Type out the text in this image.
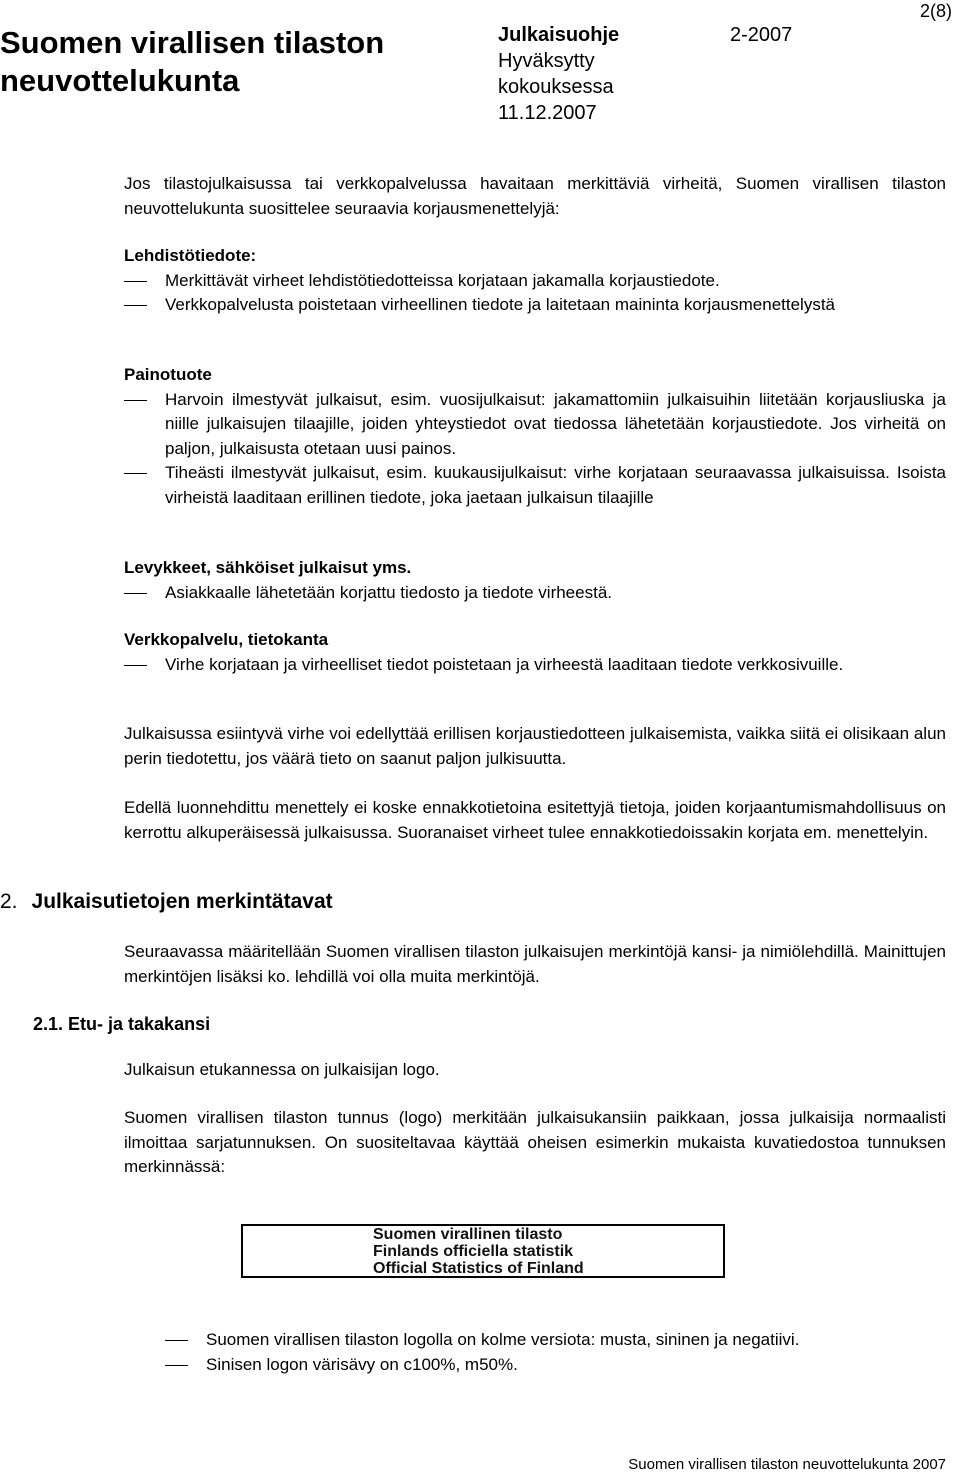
Suomen virallisen tilaston neuvottelukunta
Julkaisuohje
Hyväksytty kokouksessa 11.12.2007
2-2007
2(8)
Jos tilastojulkaisussa tai verkkopalvelussa havaitaan merkittäviä virheitä, Suomen virallisen tilaston neuvottelukunta suosittelee seuraavia korjausmenettelyjä:
Lehdistötiedote:
Merkittävät virheet lehdistötiedotteissa korjataan jakamalla korjaustiedote.
Verkkopalvelusta poistetaan virheellinen tiedote ja laitetaan maininta korjausmenettelystä
Painotuote
Harvoin ilmestyvät julkaisut, esim. vuosijulkaisut: jakamattomiin julkaisuihin liitetään korjausliuska ja niille julkaisujen tilaajille, joiden yhteystiedot ovat tiedossa lähetetään korjaustiedote. Jos virheitä on paljon, julkaisusta otetaan uusi painos.
Tiheästi ilmestyvät julkaisut, esim. kuukausijulkaisut: virhe korjataan seuraavassa julkaisuissa. Isoista virheistä laaditaan erillinen tiedote, joka jaetaan julkaisun tilaajille
Levykkeet, sähköiset julkaisut yms.
Asiakkaalle lähetetään korjattu tiedosto ja tiedote virheestä.
Verkkopalvelu, tietokanta
Virhe korjataan ja virheelliset tiedot poistetaan ja virheestä laaditaan tiedote verkkosivuille.
Julkaisussa esiintyvä virhe voi edellyttää erillisen korjaustiedotteen julkaisemista, vaikka siitä ei olisikaan alun perin tiedotettu, jos väärä tieto on saanut paljon julkisuutta.
Edellä luonnehdittu menettely ei koske ennakkotietoina esitettyjä tietoja, joiden korjaantumismahdollisuus on kerrottu alkuperäisessä julkaisussa. Suoranaiset virheet tulee ennakkotiedoissakin korjata em. menettelyin.
2. Julkaisutietojen merkintätavat
Seuraavassa määritellään Suomen virallisen tilaston julkaisujen merkintöjä kansi- ja nimiölehdillä. Mainittujen merkintöjen lisäksi ko. lehdillä voi olla muita merkintöjä.
2.1. Etu- ja takakansi
Julkaisun etukannessa on julkaisijan logo.
Suomen virallisen tilaston tunnus (logo) merkitään julkaisukansiin paikkaan, jossa julkaisija normaalisti ilmoittaa sarjatunnuksen. On suositeltavaa käyttää oheisen esimerkin mukaista kuvatiedostoa tunnuksen merkinnässä:
Suomen virallinen tilasto
Finlands officiella statistik
Official Statistics of Finland
Suomen virallisen tilaston logolla on kolme versiota: musta, sininen ja negatiivi.
Sinisen logon värisävy on c100%, m50%.
Suomen virallisen tilaston neuvottelukunta 2007
